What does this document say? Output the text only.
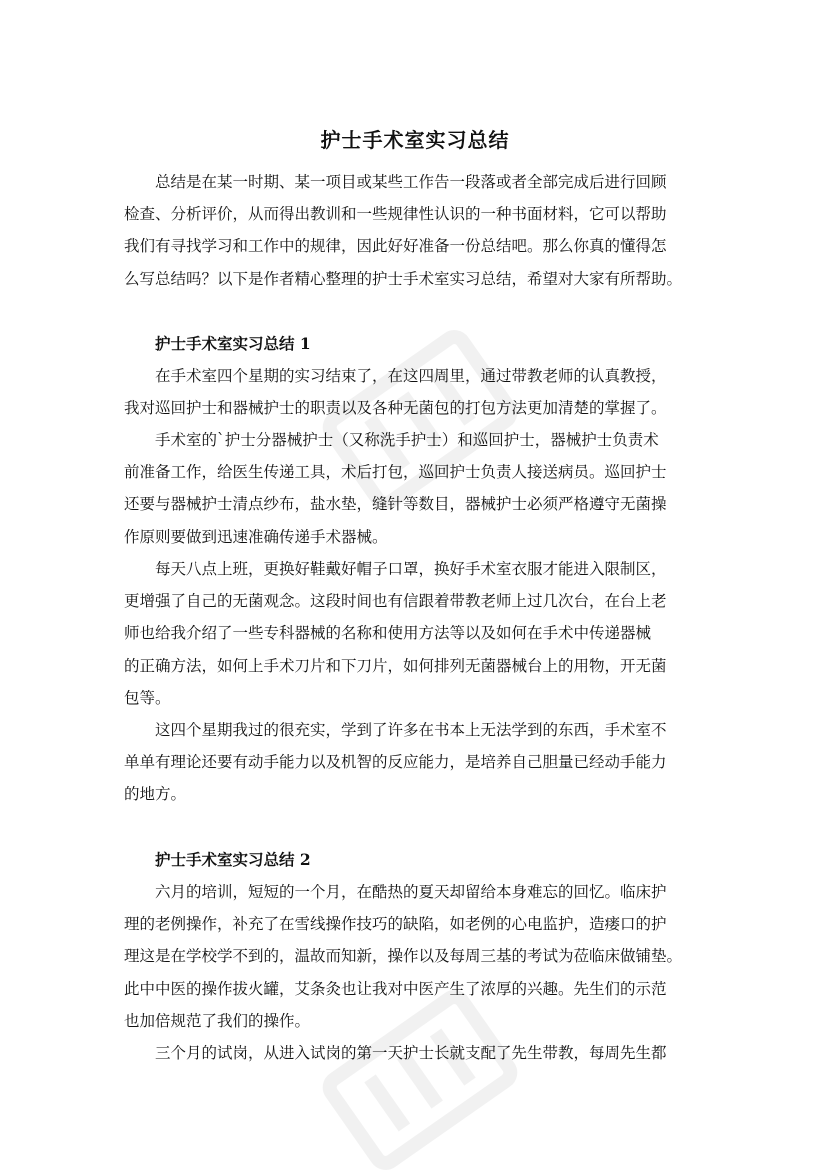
护士手术室实习总结

总结是在某一时期、某一项目或某些工作告一段落或者全部完成后进行回顾
检查、分析评价，从而得出教训和一些规律性认识的一种书面材料，它可以帮助
我们有寻找学习和工作中的规律，因此好好准备一份总结吧。那么你真的懂得怎
么写总结吗？以下是作者精心整理的护士手术室实习总结，希望对大家有所帮助。

护士手术室实习总结 1

在手术室四个星期的实习结束了，在这四周里，通过带教老师的认真教授，
我对巡回护士和器械护士的职责以及各种无菌包的打包方法更加清楚的掌握了。

手术室的`护士分器械护士（又称洗手护士）和巡回护士，器械护士负责术
前准备工作，给医生传递工具，术后打包，巡回护士负责人接送病员。巡回护士
还要与器械护士清点纱布，盐水垫，缝针等数目，器械护士必须严格遵守无菌操
作原则要做到迅速准确传递手术器械。

每天八点上班，更换好鞋戴好帽子口罩，换好手术室衣服才能进入限制区，
更增强了自己的无菌观念。这段时间也有信跟着带教老师上过几次台，在台上老
师也给我介绍了一些专科器械的名称和使用方法等以及如何在手术中传递器械
的正确方法，如何上手术刀片和下刀片，如何排列无菌器械台上的用物，开无菌
包等。

这四个星期我过的很充实，学到了许多在书本上无法学到的东西，手术室不
单单有理论还要有动手能力以及机智的反应能力，是培养自己胆量已经动手能力
的地方。

护士手术室实习总结 2

六月的培训，短短的一个月，在酷热的夏天却留给本身难忘的回忆。临床护
理的老例操作，补充了在雪线操作技巧的缺陷，如老例的心电监护，造瘘口的护
理这是在学校学不到的，温故而知新，操作以及每周三基的考试为莅临床做铺垫。
此中中医的操作拔火罐，艾条灸也让我对中医产生了浓厚的兴趣。先生们的示范
也加倍规范了我们的操作。

三个月的试岗，从进入试岗的第一天护士长就支配了先生带教，每周先生都
